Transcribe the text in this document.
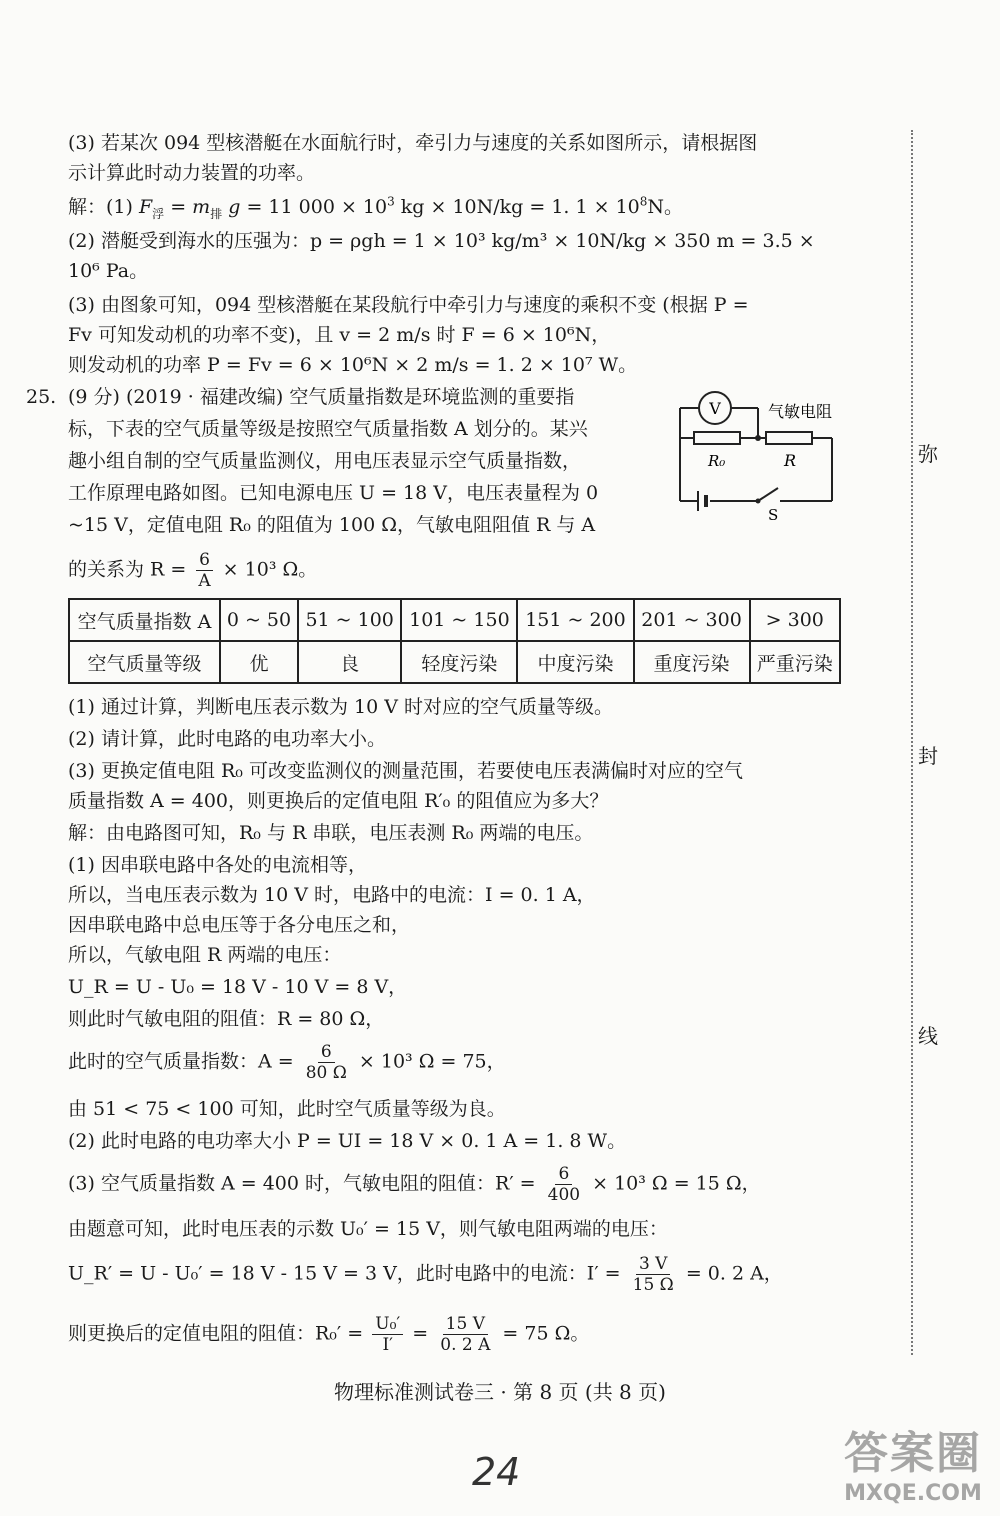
(3) 若某次 094 型核潜艇在水面航行时，牵引力与速度的关系如图所示，请根据图
示计算此时动力装置的功率。
解：(1) $F_浮 = m_排$ g = 11 $000 \times 10^3$ kg × 10N/kg = 1. $1 \times 10^8N$。
(2) 潜艇受到海水的压强为：p = ρgh = 1 × 10³ kg/m³ × 10N/kg × 350 m = 3.5 ×
10⁶ Pa。
(3) 由图象可知，094 型核潜艇在某段航行中牵引力与速度的乘积不变 (根据 P =
Fv 可知发动机的功率不变)，且 v = 2 m/s 时 F = 6 × 10⁶N，
则发动机的功率 P = Fv = 6 × 10⁶N × 2 m/s = 1. 2 × 10⁷ W。
25. (9 分) (2019 · 福建改编) 空气质量指数是环境监测的重要指
标，下表的空气质量等级是按照空气质量指数 A 划分的。某兴
趣小组自制的空气质量监测仪，用电压表显示空气质量指数，
工作原理电路如图。已知电源电压 U = 18 V，电压表量程为 0
~15 V，定值电阻 R₀ 的阻值为 100 Ω，气敏电阻阻值 R 与 A
的关系为 $R = \frac{6}{A} \times 10^3$ Ω。
V	气敏电阻
R₀	R
S
空气质量指数 A	0 ~ 50	51 ~ 100	101 ~ 150	151 ~ 200	201 ~ 300	> 300
空气质量等级	优	良	轻度污染	中度污染	重度污染	严重污染
(1) 通过计算，判断电压表示数为 10 V 时对应的空气质量等级。
(2) 请计算，此时电路的电功率大小。
(3) 更换定值电阻 R₀ 可改变监测仪的测量范围，若要使电压表满偏时对应的空气
质量指数 A = 400，则更换后的定值电阻 R′₀ 的阻值应为多大？
解：由电路图可知，R₀ 与 R 串联，电压表测 R₀ 两端的电压。
(1) 因串联电路中各处的电流相等，
所以，当电压表示数为 10 V 时，电路中的电流：I = 0. 1 A，
因串联电路中总电压等于各分电压之和，
所以，气敏电阻 R 两端的电压：
U_R = U - U₀ = 18 V - 10 V = 8 V，
则此时气敏电阻的阻值：R = 80 Ω，
此时的空气质量指数：$A = \frac{6}{80 \Omega} \times 10^3$ Ω = 75，
由 51 < 75 < 100 可知，此时空气质量等级为良。
(2) 此时电路的电功率大小 P = UI = 18 V × 0. 1 A = 1. 8 W。
(3) 空气质量指数 A = 400 时，气敏电阻的阻值：$R' = \frac{6}{400} \times 10^3$ Ω = 15 Ω，
由题意可知，此时电压表的示数 U₀′ = 15 V，则气敏电阻两端的电压：
U_R′ = U - U₀′ = 18 V - 15 V = 3 V，此时电路中的电流：$I' = \frac{3 V}{15 \Omega} = 0$. 2 A，
则更换后的定值电阻的阻值：$R_0' = \frac{\text{U₀′}}{I'} = \frac{15 V}{0. 2 A} = 75$ Ω。
弥
封
线
物理标准测试卷三 · 第 8 页 (共 8 页)
24	答案圈
MXQE.COM
